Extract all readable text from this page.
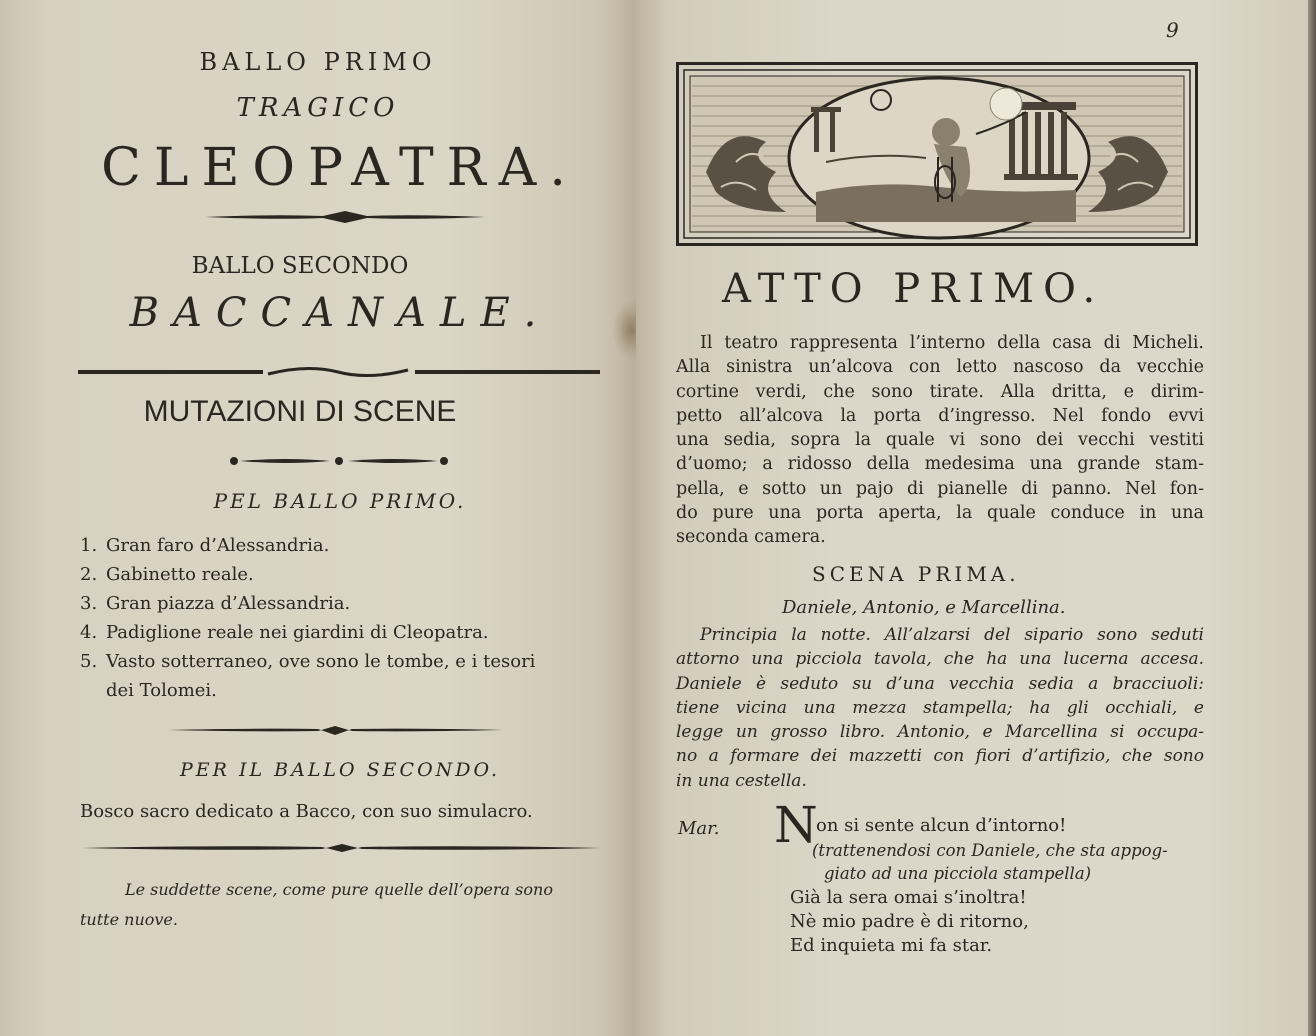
BALLO PRIMO
TRAGICO
CLEOPATRA.
BALLO SECONDO
BACCANALE.
MUTAZIONI DI SCENE
PEL BALLO PRIMO.
1. Gran faro d’Alessandria.
2. Gabinetto reale.
3. Gran piazza d’Alessandria.
4. Padiglione reale nei giardini di Cleopatra.
5. Vasto sotterraneo, ove sono le tombe, e i tesori
dei Tolomei.
PER IL BALLO SECONDO.
Bosco sacro dedicato a Bacco, con suo simulacro.
Le suddette scene, come pure quelle dell’opera sono
tutte nuove.
9
ATTO PRIMO.
Il teatro rappresenta l’interno della casa di Micheli.
Alla sinistra un’alcova con letto nascoso da vecchie
cortine verdi, che sono tirate. Alla dritta, e dirim-
petto all’alcova la porta d’ingresso. Nel fondo evvi
una sedia, sopra la quale vi sono dei vecchi vestiti
d’uomo; a ridosso della medesima una grande stam-
pella, e sotto un pajo di pianelle di panno. Nel fon-
do pure una porta aperta, la quale conduce in una
seconda camera.
SCENA PRIMA.
Daniele, Antonio, e Marcellina.
Principia la notte. All’alzarsi del sipario sono seduti
attorno una picciola tavola, che ha una lucerna accesa.
Daniele è seduto su d’una vecchia sedia a bracciuoli:
tiene vicina una mezza stampella; ha gli occhiali, e
legge un grosso libro. Antonio, e Marcellina si occupa-
no a formare dei mazzetti con fiori d’artifizio, che sono
in una cestella.
Mar. N
on si sente alcun d’intorno!
(trattenendosi con Daniele, che sta appog-
giato ad una picciola stampella)
Già la sera omai s’inoltra!
Nè mio padre è di ritorno,
Ed inquieta mi fa star.
